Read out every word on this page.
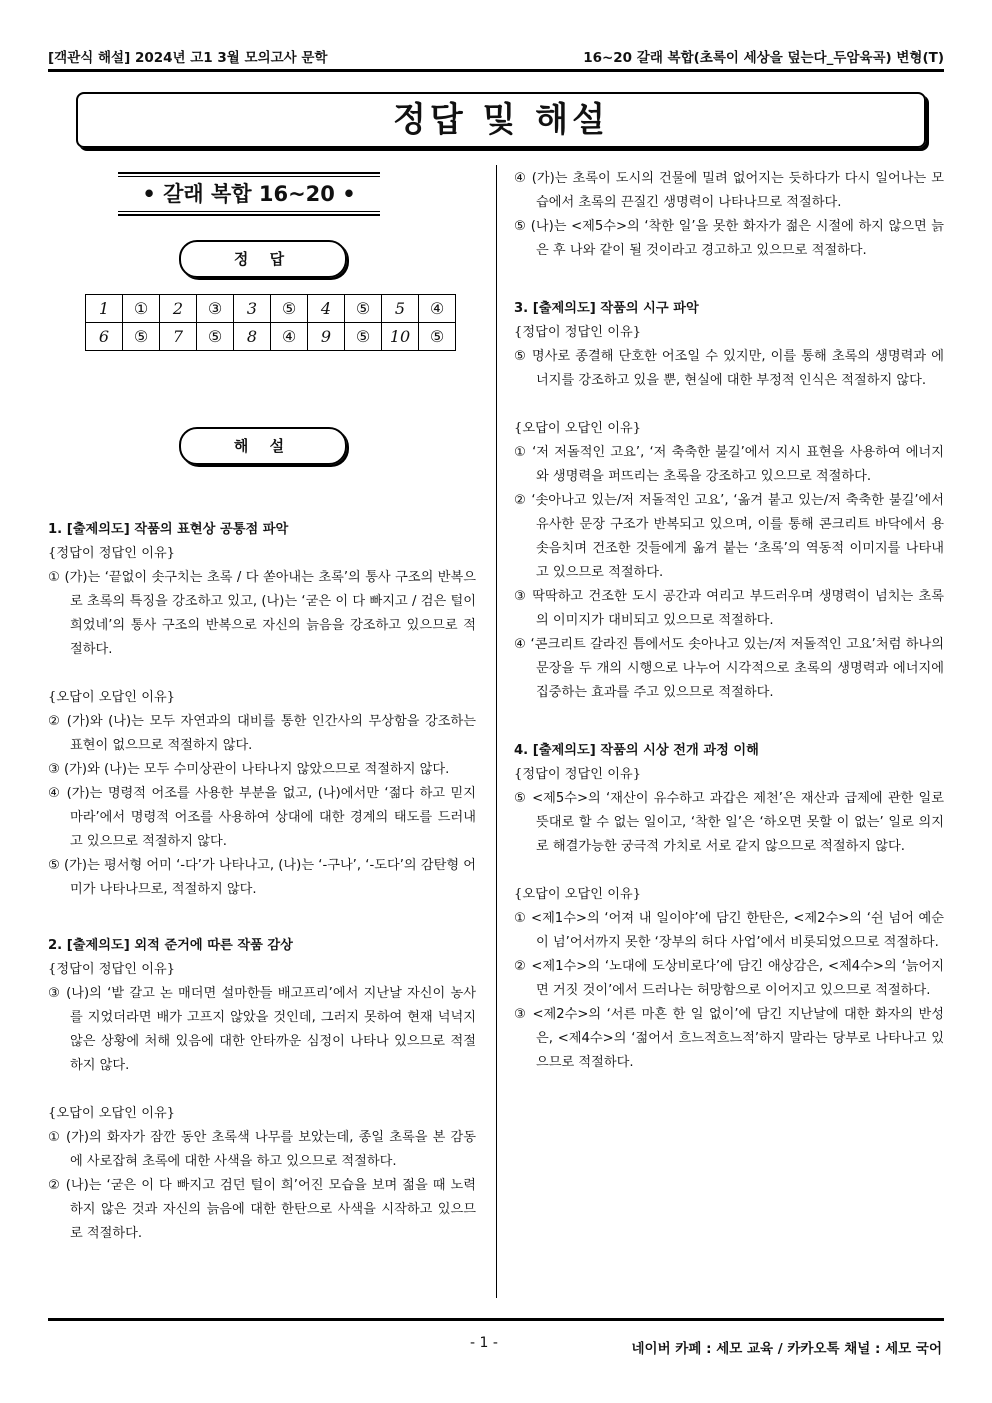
[객관식 해설] 2024년 고1 3월 모의고사 문학	16~20 갈래 복합(초록이 세상을 덮는다_두암육곡) 변형(T)
정답 및 해설
• 갈래 복합 16~20 •
정 답
1	①	2	③	3	⑤	4	⑤	5	④
6	⑤	7	⑤	8	④	9	⑤	10	⑤
해 설
1. [출제의도] 작품의 표현상 공통점 파악
{정답이 정답인 이유}
① (가)는 ‘끝없이 솟구치는 초록 / 다 쏟아내는 초록’의 통사 구조의 반복으로 초록의 특징을 강조하고 있고, (나)는 ‘굳은 이 다 빠지고 / 검은 털이 희었네’의 통사 구조의 반복으로 자신의 늙음을 강조하고 있으므로 적절하다.
{오답이 오답인 이유}
② (가)와 (나)는 모두 자연과의 대비를 통한 인간사의 무상함을 강조하는 표현이 없으므로 적절하지 않다.
③ (가)와 (나)는 모두 수미상관이 나타나지 않았으므로 적절하지 않다.
④ (가)는 명령적 어조를 사용한 부분을 없고, (나)에서만 ‘젊다 하고 믿지 마라’에서 명령적 어조를 사용하여 상대에 대한 경계의 태도를 드러내고 있으므로 적절하지 않다.
⑤ (가)는 평서형 어미 ‘-다’가 나타나고, (나)는 ‘-구나’, ‘-도다’의 감탄형 어미가 나타나므로, 적절하지 않다.
2. [출제의도] 외적 준거에 따른 작품 감상
{정답이 정답인 이유}
③ (나)의 ‘밭 갈고 논 매더면 설마한들 배고프리’에서 지난날 자신이 농사를 지었더라면 배가 고프지 않았을 것인데, 그러지 못하여 현재 넉넉지 않은 상황에 처해 있음에 대한 안타까운 심정이 나타나 있으므로 적절하지 않다.
{오답이 오답인 이유}
① (가)의 화자가 잠깐 동안 초록색 나무를 보았는데, 종일 초록을 본 감동에 사로잡혀 초록에 대한 사색을 하고 있으므로 적절하다.
② (나)는 ‘굳은 이 다 빠지고 검던 털이 희’어진 모습을 보며 젊을 때 노력하지 않은 것과 자신의 늙음에 대한 한탄으로 사색을 시작하고 있으므로 적절하다.
④ (가)는 초록이 도시의 건물에 밀려 없어지는 듯하다가 다시 일어나는 모습에서 초록의 끈질긴 생명력이 나타나므로 적절하다.
⑤ (나)는 <제5수>의 ‘착한 일’을 못한 화자가 젊은 시절에 하지 않으면 늙은 후 나와 같이 될 것이라고 경고하고 있으므로 적절하다.
3. [출제의도] 작품의 시구 파악
{정답이 정답인 이유}
⑤ 명사로 종결해 단호한 어조일 수 있지만, 이를 통해 초록의 생명력과 에너지를 강조하고 있을 뿐, 현실에 대한 부정적 인식은 적절하지 않다.
{오답이 오답인 이유}
① ‘저 저돌적인 고요’, ‘저 축축한 불길’에서 지시 표현을 사용하여 에너지와 생명력을 퍼뜨리는 초록을 강조하고 있으므로 적절하다.
② ‘솟아나고 있는/저 저돌적인 고요’, ‘옮겨 붙고 있는/저 축축한 불길’에서 유사한 문장 구조가 반복되고 있으며, 이를 통해 콘크리트 바닥에서 용솟음치며 건조한 것들에게 옮겨 붙는 ‘초록’의 역동적 이미지를 나타내고 있으므로 적절하다.
③ 딱딱하고 건조한 도시 공간과 여리고 부드러우며 생명력이 넘치는 초록의 이미지가 대비되고 있으므로 적절하다.
④ ‘콘크리트 갈라진 틈에서도 솟아나고 있는/저 저돌적인 고요’처럼 하나의 문장을 두 개의 시행으로 나누어 시각적으로 초록의 생명력과 에너지에 집중하는 효과를 주고 있으므로 적절하다.
4. [출제의도] 작품의 시상 전개 과정 이해
{정답이 정답인 이유}
⑤ <제5수>의 ‘재산이 유수하고 과갑은 제천’은 재산과 급제에 관한 일로 뜻대로 할 수 없는 일이고, ‘착한 일’은 ‘하오면 못할 이 없는’ 일로 의지로 해결가능한 궁극적 가치로 서로 같지 않으므로 적절하지 않다.
{오답이 오답인 이유}
① <제1수>의 ‘어져 내 일이야’에 담긴 한탄은, <제2수>의 ‘쉰 넘어 예순이 넘’어서까지 못한 ‘장부의 허다 사업’에서 비롯되었으므로 적절하다.
② <제1수>의 ‘노대에 도상비로다’에 담긴 애상감은, <제4수>의 ‘늙어지면 거짓 것이’에서 드러나는 허망함으로 이어지고 있으므로 적절하다.
③ <제2수>의 ‘서른 마흔 한 일 없이’에 담긴 지난날에 대한 화자의 반성은, <제4수>의 ‘젊어서 흐느적흐느적’하지 말라는 당부로 나타나고 있으므로 적절하다.
- 1 -	네이버 카페 : 세모 교육 / 카카오톡 채널 : 세모 국어
